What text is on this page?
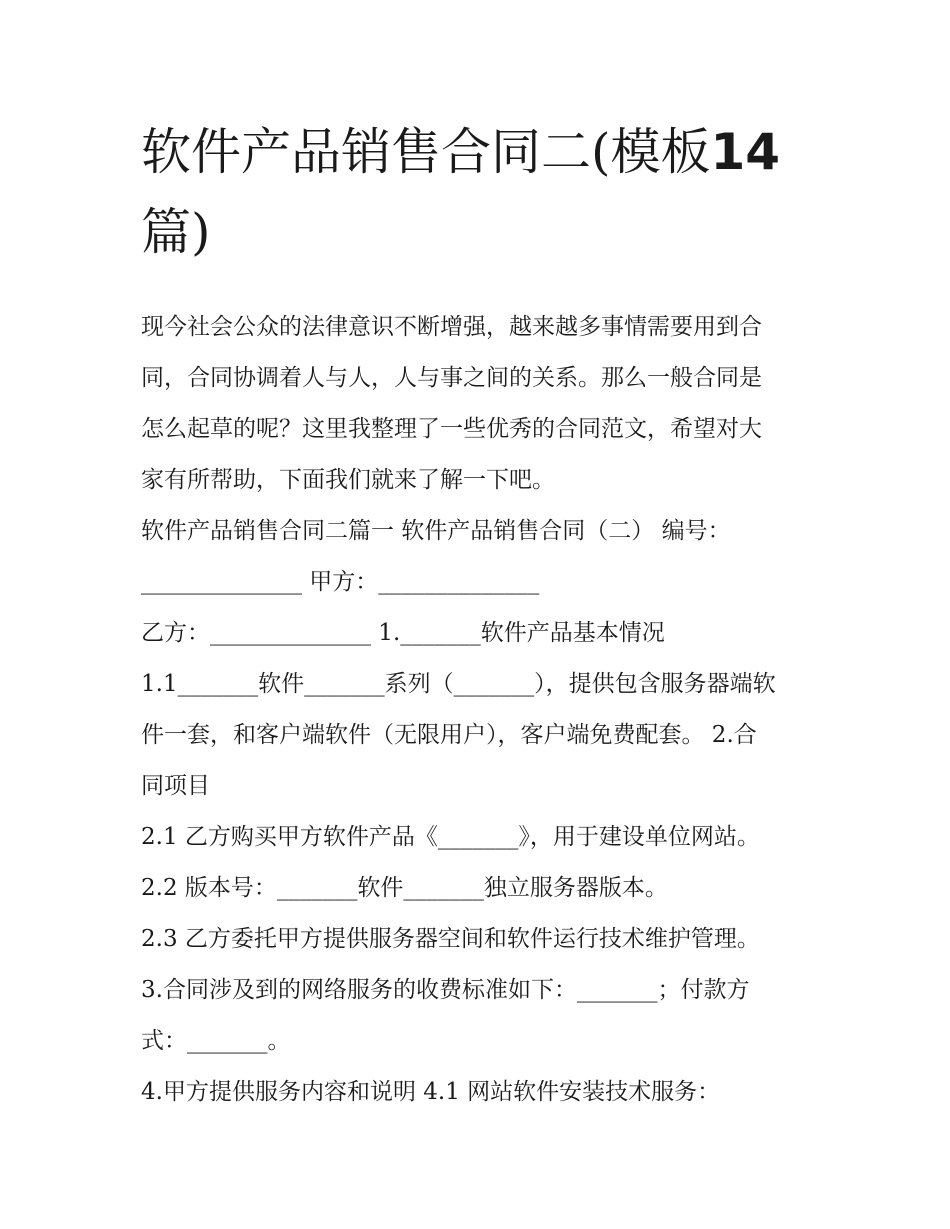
软件产品销售合同二(模板14
篇)
现今社会公众的法律意识不断增强，越来越多事情需要用到合
同，合同协调着人与人，人与事之间的关系。那么一般合同是
怎么起草的呢？这里我整理了一些优秀的合同范文，希望对大
家有所帮助，下面我们就来了解一下吧。
软件产品销售合同二篇一 软件产品销售合同（二） 编号：
______________ 甲方：______________
乙方：______________ 1._______软件产品基本情况
1.1_______软件_______系列（_______），提供包含服务器端软
件一套，和客户端软件（无限用户），客户端免费配套。 2.合
同项目
2.1 乙方购买甲方软件产品《_______》，用于建设单位网站。
2.2 版本号：_______软件_______独立服务器版本。
2.3 乙方委托甲方提供服务器空间和软件运行技术维护管理。
3.合同涉及到的网络服务的收费标准如下：_______；付款方
式：_______。
4.甲方提供服务内容和说明 4.1 网站软件安装技术服务：
